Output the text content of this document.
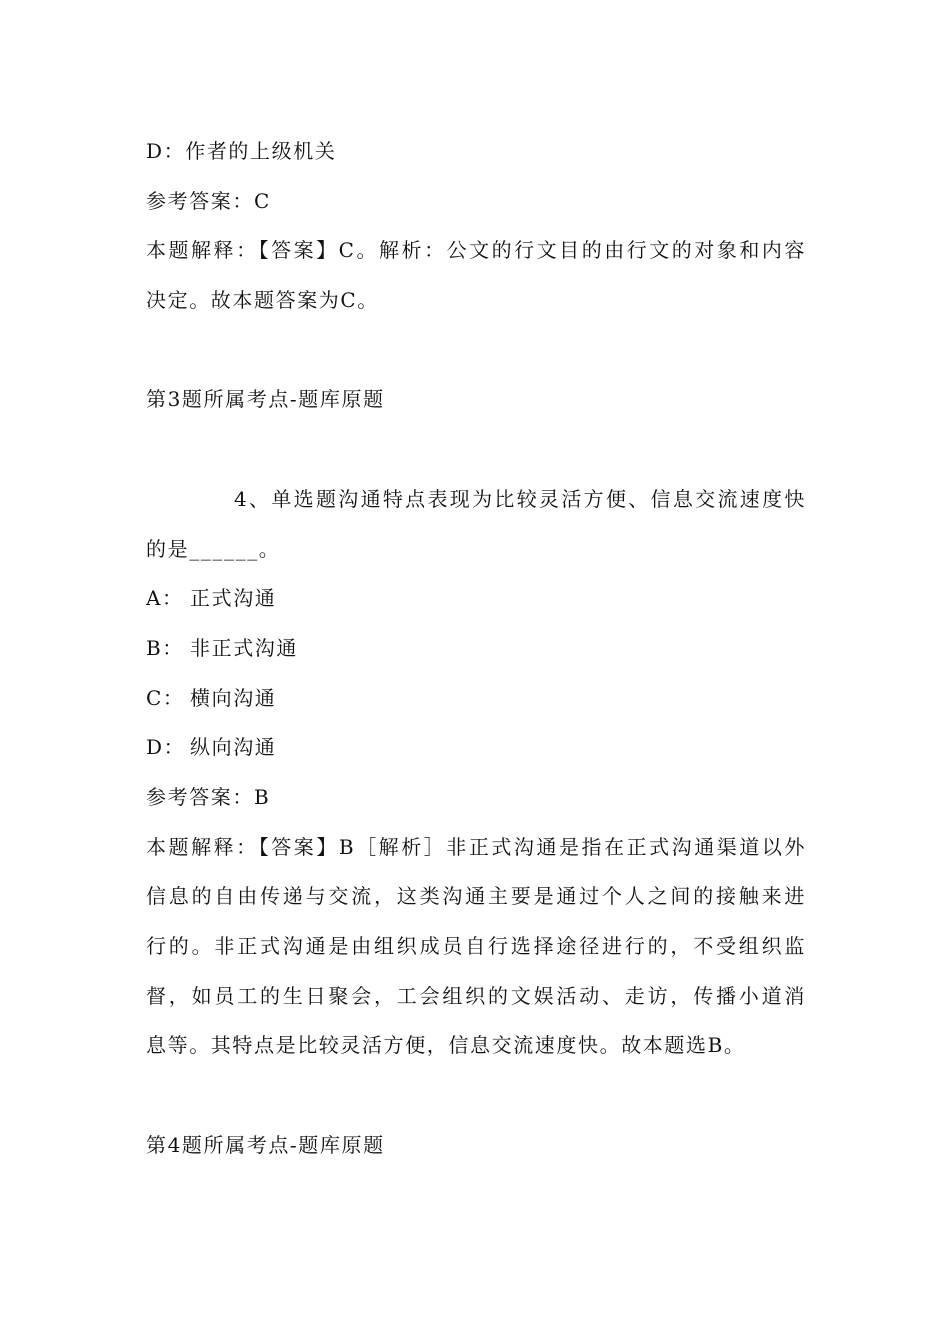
D：作者的上级机关
参考答案：C
本题解释：【答案】C。解析：公文的行文目的由行文的对象和内容
决定。故本题答案为C。
第3题所属考点-题库原题
4、单选题沟通特点表现为比较灵活方便、信息交流速度快
的是______。
A： 正式沟通
B： 非正式沟通
C： 横向沟通
D： 纵向沟通
参考答案：B
本题解释：【答案】B［解析］非正式沟通是指在正式沟通渠道以外
信息的自由传递与交流，这类沟通主要是通过个人之间的接触来进
行的。非正式沟通是由组织成员自行选择途径进行的，不受组织监
督，如员工的生日聚会，工会组织的文娱活动、走访，传播小道消
息等。其特点是比较灵活方便，信息交流速度快。故本题选B。
第4题所属考点-题库原题
